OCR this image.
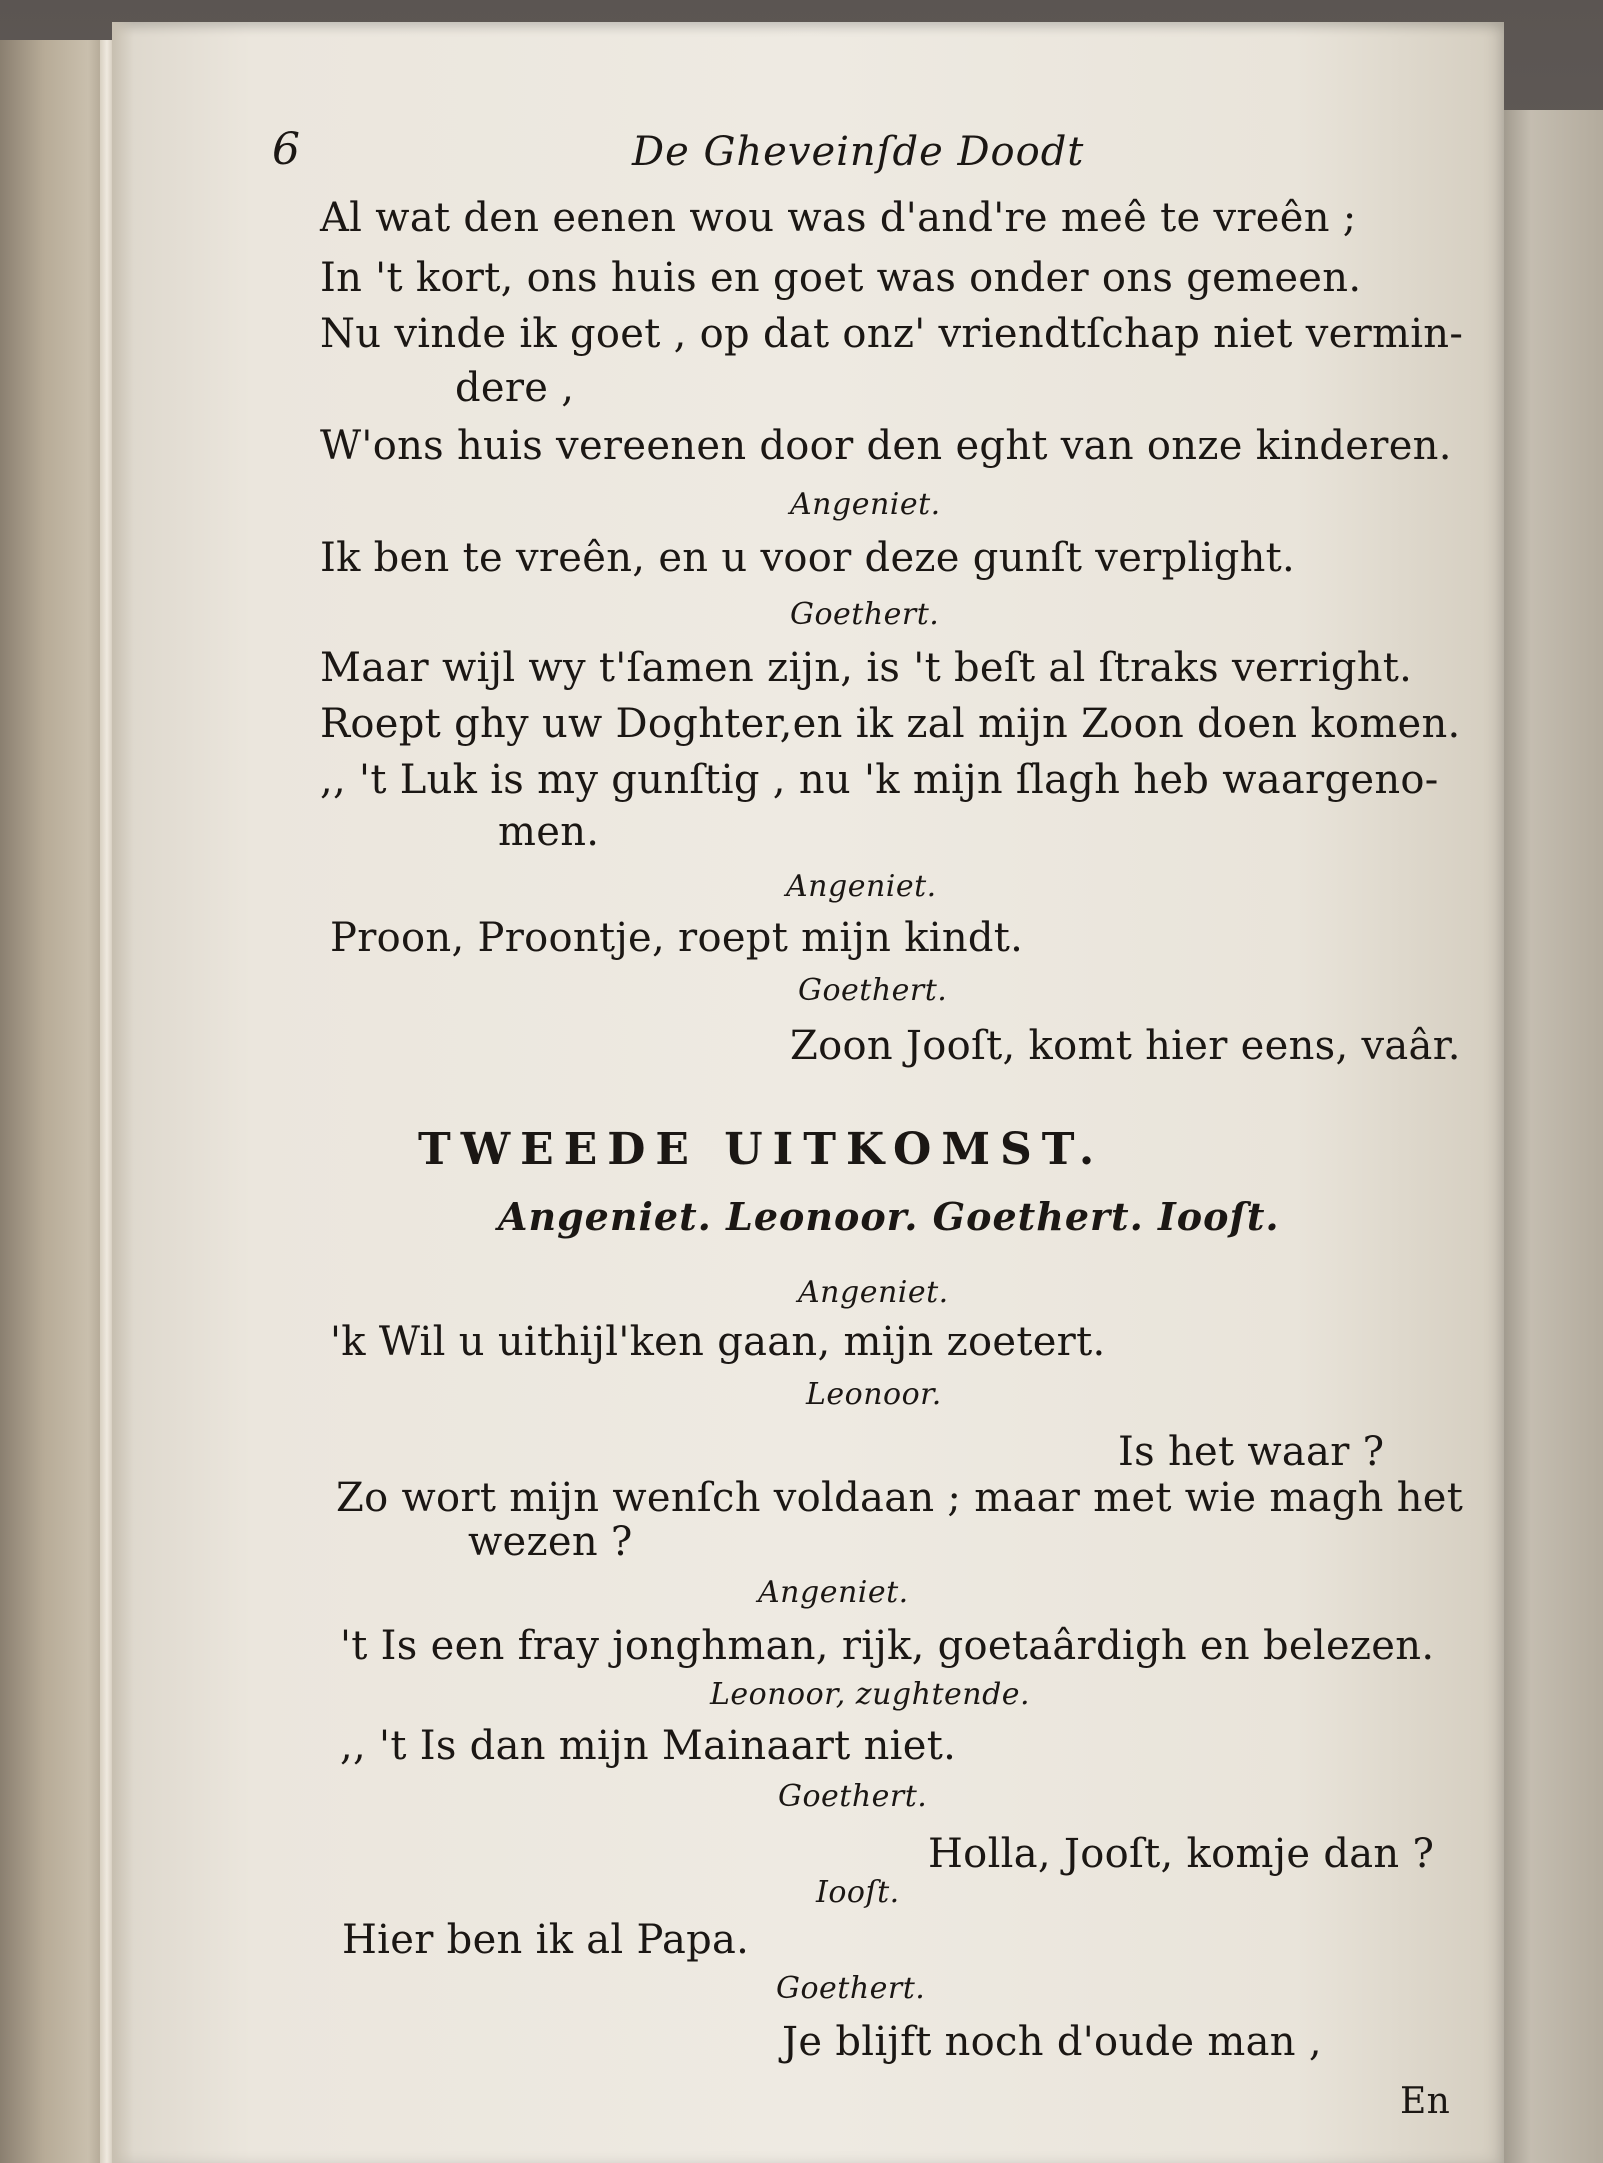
6	De Gheveinſde Doodt

Al wat den eenen wou was d'and're meê te vreên ;

In 't kort, ons huis en goet was onder ons gemeen.

Nu vinde ik goet , op dat onz' vriendtſchap niet vermin-

dere ,

W'ons huis vereenen door den eght van onze kinderen.

Angeniet.

Ik ben te vreên, en u voor deze gunſt verplight.

Goethert.

Maar wijl wy t'ſamen zijn, is 't beſt al ſtraks verright.

Roept ghy uw Doghter,en ik zal mijn Zoon doen komen.

,, 't Luk is my gunſtig , nu 'k mijn ſlagh heb waargeno-

men.

Angeniet.

Proon, Proontje, roept mijn kindt.

Goethert.

Zoon Jooſt, komt hier eens, vaâr.

TWEEDE UITKOMST.

Angeniet. Leonoor. Goethert. Iooſt.

Angeniet.

'k Wil u uithijl'ken gaan, mijn zoetert.

Leonoor.

Is het waar ?

Zo wort mijn wenſch voldaan ; maar met wie magh het

wezen ?

Angeniet.

't Is een fray jonghman, rijk, goetaârdigh en belezen.

Leonoor, zughtende.

,, 't Is dan mijn Mainaart niet.

Goethert.

Holla, Jooſt, komje dan ?

Iooſt.

Hier ben ik al Papa.

Goethert.

Je blijft noch d'oude man ,

En
